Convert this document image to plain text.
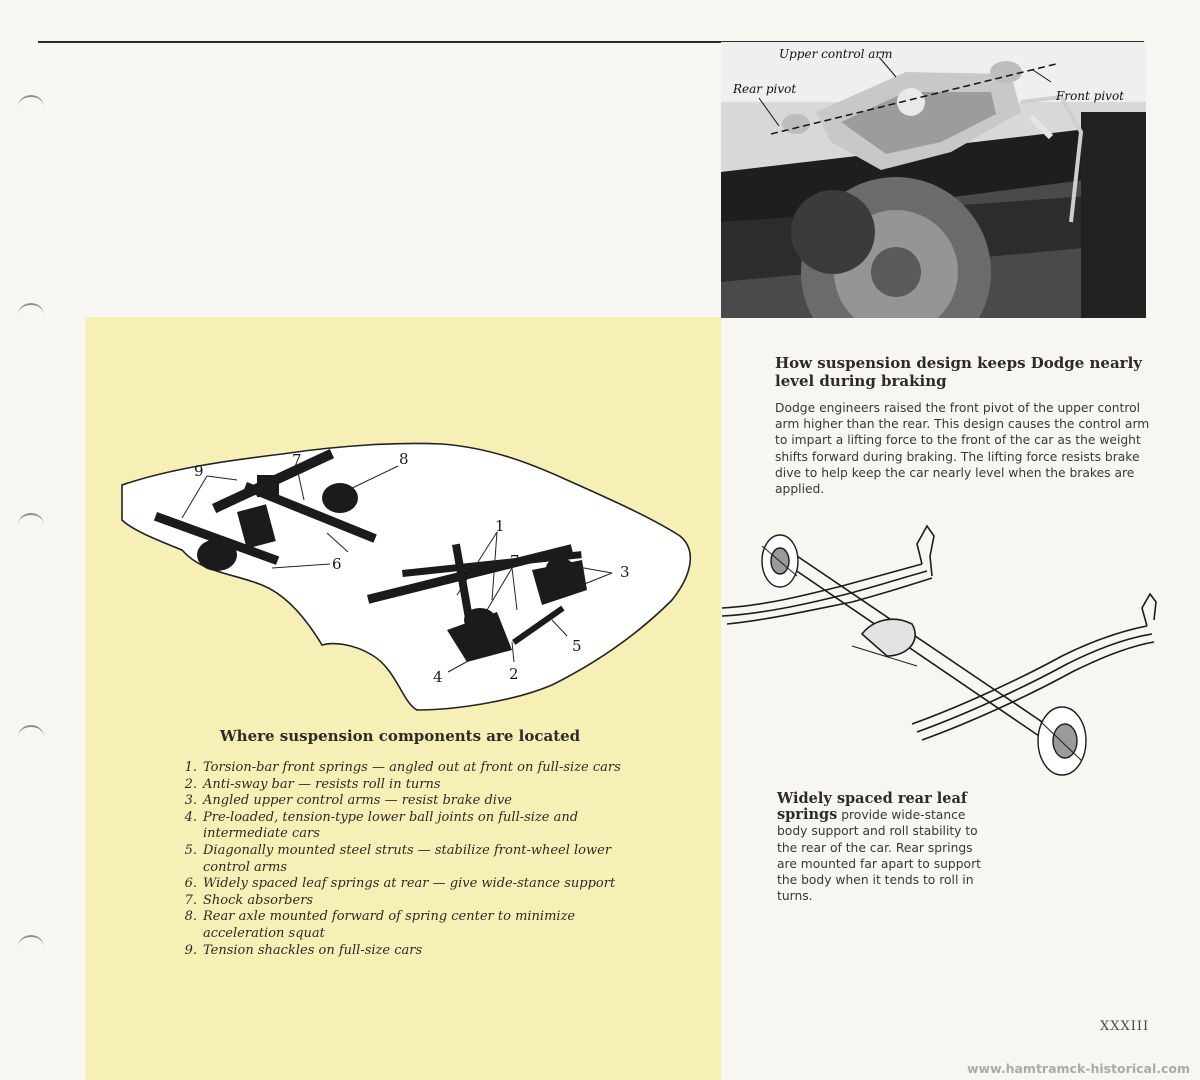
Upper control arm
Rear pivot	Front pivot
1
2
3
4
5
6
7
7
8
9
Where suspension components are located
1. Torsion-bar front springs — angled out at front on full-size cars
2. Anti-sway bar — resists roll in turns
3. Angled upper control arms — resist brake dive
4. Pre-loaded, tension-type lower ball joints on full-size and intermediate cars
5. Diagonally mounted steel struts — stabilize front-wheel lower control arms
6. Widely spaced leaf springs at rear — give wide-stance support
7. Shock absorbers
8. Rear axle mounted forward of spring center to minimize acceleration squat
9. Tension shackles on full-size cars
How suspension design keeps Dodge nearly level during braking
Dodge engineers raised the front pivot of the upper control arm higher than the rear. This design causes the control arm to impart a lifting force to the front of the car as the weight shifts forward during braking. The lifting force resists brake dive to help keep the car nearly level when the brakes are applied.
Widely spaced rear leaf springs provide wide-stance body support and roll stability to the rear of the car. Rear springs are mounted far apart to support the body when it tends to roll in turns.
XXXIII
www.hamtramck-historical.com
